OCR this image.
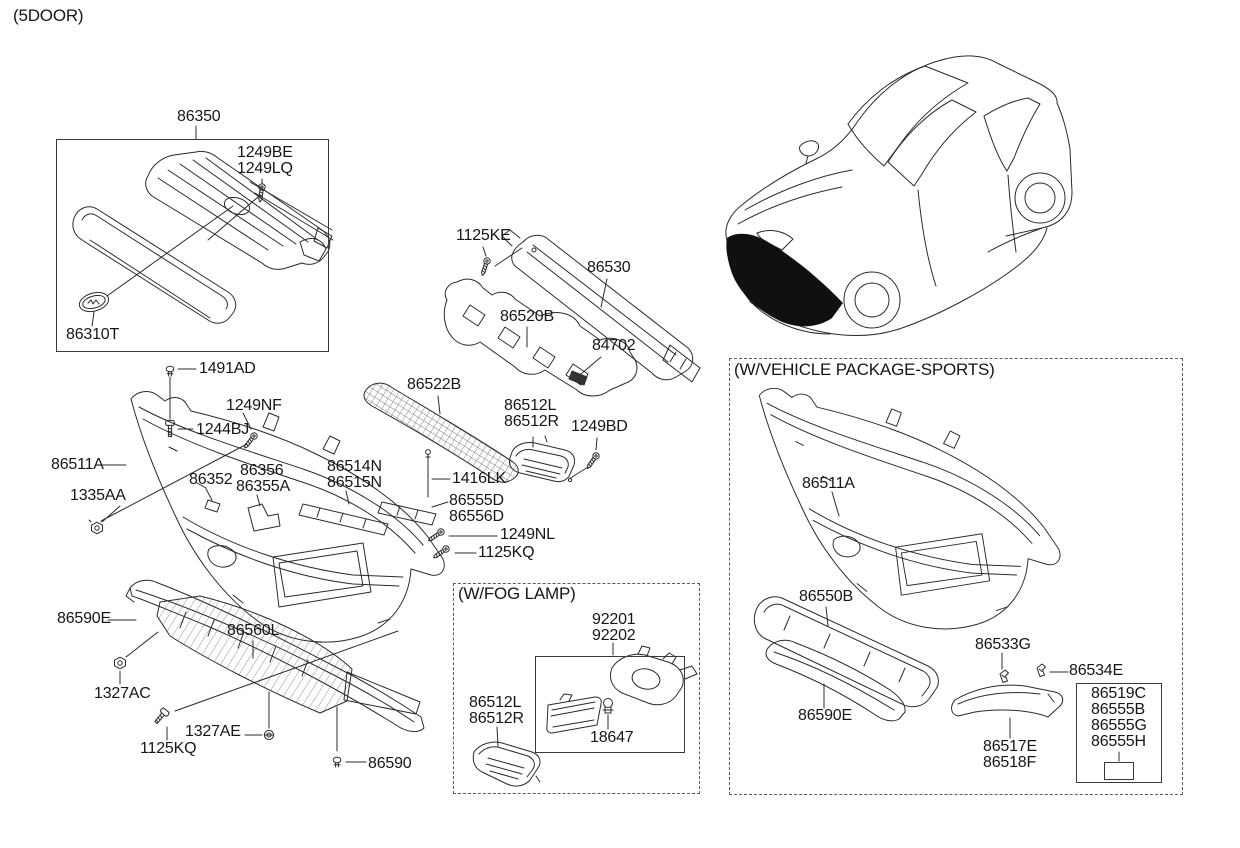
(5DOOR)
86350
1249BE
1249LQ
86310T
1491AD
1125KE
86530
86520B
84702
86522B
86512L
86512R 1249BD
1249NF
1244BJ
86511A
1335AA
86352
86356
86355A
86514N
86515N	1416LK
86555D
86556D
1249NL
1125KQ
86590E
86560L
1327AC
1327AE
1125KQ
86590
(W/FOG LAMP)
92201
92202
86512L
86512R
18647
(W/VEHICLE PACKAGE-SPORTS)
86511A
86550B
86590E
86533G
86534E
86517E
86518F
86519C
86555B
86555G
86555H
